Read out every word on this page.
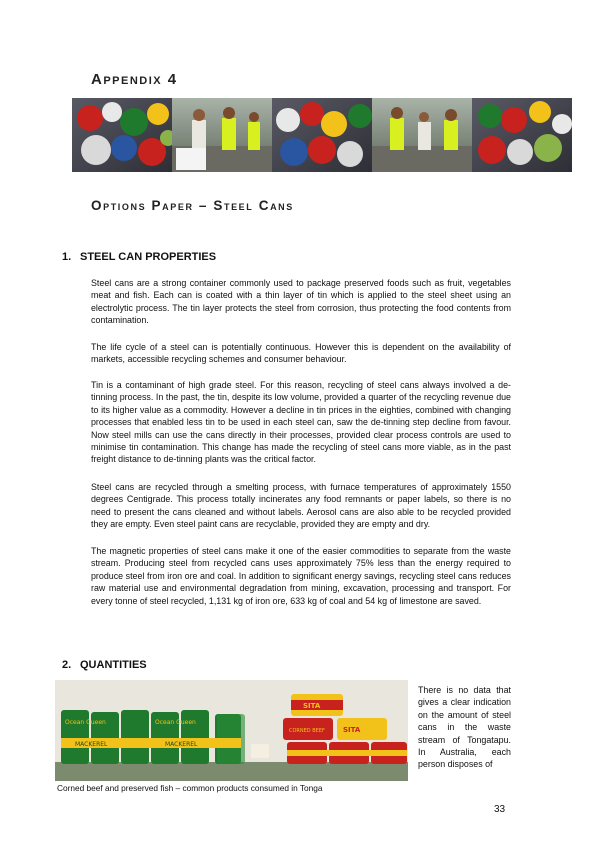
Appendix 4
Options Paper – Steel Cans
1. STEEL CAN PROPERTIES
Steel cans are a strong container commonly used to package preserved foods such as fruit, vegetables meat and fish. Each can is coated with a thin layer of tin which is applied to the steel sheet using an electrolytic process. The tin layer protects the steel from corrosion, thus protecting the food contents from contamination.
The life cycle of a steel can is potentially continuous. However this is dependent on the availability of markets, accessible recycling schemes and consumer behaviour.
Tin is a contaminant of high grade steel. For this reason, recycling of steel cans always involved a de-tinning process. In the past, the tin, despite its low volume, provided a quarter of the recycling revenue due to its higher value as a commodity. However a decline in tin prices in the eighties, combined with changing processes that enabled less tin to be used in each steel can, saw the de-tinning step decline from favour. Now steel mills can use the cans directly in their processes, provided clear process controls are used to minimise tin contamination. This change has made the recycling of steel cans more viable, as in the past freight distance to de-tinning plants was the critical factor.
Steel cans are recycled through a smelting process, with furnace temperatures of approximately 1550 degrees Centigrade. This process totally incinerates any food remnants or paper labels, so there is no need to present the cans cleaned and without labels. Aerosol cans are also able to be recycled provided they are empty. Even steel paint cans are recyclable, provided they are empty and dry.
The magnetic properties of steel cans make it one of the easier commodities to separate from the waste stream. Producing steel from recycled cans uses approximately 75% less than the energy required to produce steel from iron ore and coal. In addition to significant energy savings, recycling steel cans reduces raw material use and environmental degradation from mining, excavation, processing and transport. For every tonne of steel recycled, 1,131 kg of iron ore, 633 kg of coal and 54 kg of limestone are saved.
2. QUANTITIES
Ocean Queen	Ocean Queen
MACKEREL	MACKEREL
SITA
SITA
CORNED BEEF
There is no data that gives a clear indication on the amount of steel cans in the waste stream of Tongatapu. In Australia, each person disposes of
Corned beef and preserved fish – common products consumed in Tonga
33
